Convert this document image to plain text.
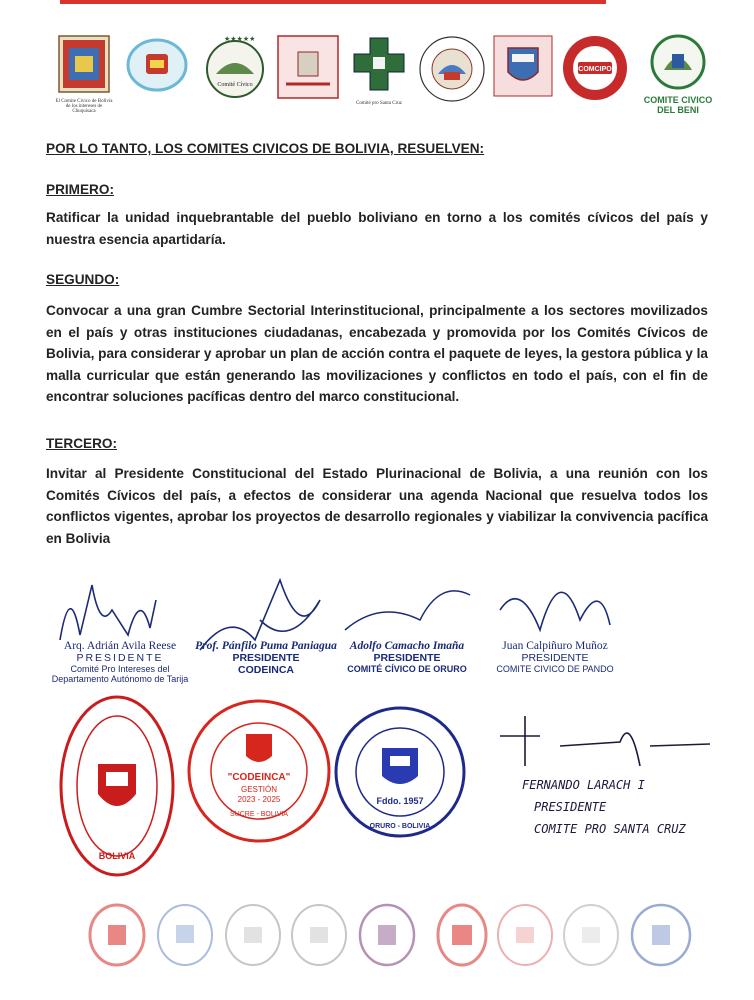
El Comite Civico de Bolivia de los intereses de Chuquisaca
Comité Cívico
★★★★★
Comité pro Santa Cruz
COMCIPO
COMITE CIVICO DEL BENI
POR LO TANTO, LOS COMITES CIVICOS DE BOLIVIA, RESUELVEN:
PRIMERO:
Ratificar la unidad inquebrantable del pueblo boliviano en torno a los comités cívicos del país y nuestra esencia apartidaría.
SEGUNDO:
Convocar a una gran Cumbre Sectorial Interinstitucional, principalmente a los sectores movilizados en el país y otras instituciones ciudadanas, encabezada y promovida por los Comités Cívicos de Bolivia, para considerar y aprobar un plan de acción contra el paquete de leyes, la gestora pública y la malla curricular que están generando las movilizaciones y conflictos en todo el país, con el fin de encontrar soluciones pacíficas dentro del marco constitucional.
TERCERO:
Invitar al Presidente Constitucional del Estado Plurinacional de Bolivia, a una reunión con los Comités Cívicos del país, a efectos de considerar una agenda Nacional que resuelva todos los conflictos vigentes, aprobar los proyectos de desarrollo regionales y viabilizar la convivencia pacífica en Bolivia
Arq. Adrián Avila Reese
PRESIDENTE
Comité Pro Intereses del
Departamento Autónomo de Tarija
Prof. Pánfilo Puma Paniagua
PRESIDENTE
CODEINCA
Adolfo Camacho Imaña
PRESIDENTE
COMITÉ CÍVICO DE ORURO
Juan Calpiñuro Muñoz
PRESIDENTE
COMITE CIVICO DE PANDO
BOLIVIA
"CODEINCA"
GESTIÓN
2023 - 2025
SUCRE - BOLIVIA
Fddo. 1957
ORURO - BOLIVIA
FERNANDO LARACH I
PRESIDENTE
COMITE PRO SANTA CRUZ
